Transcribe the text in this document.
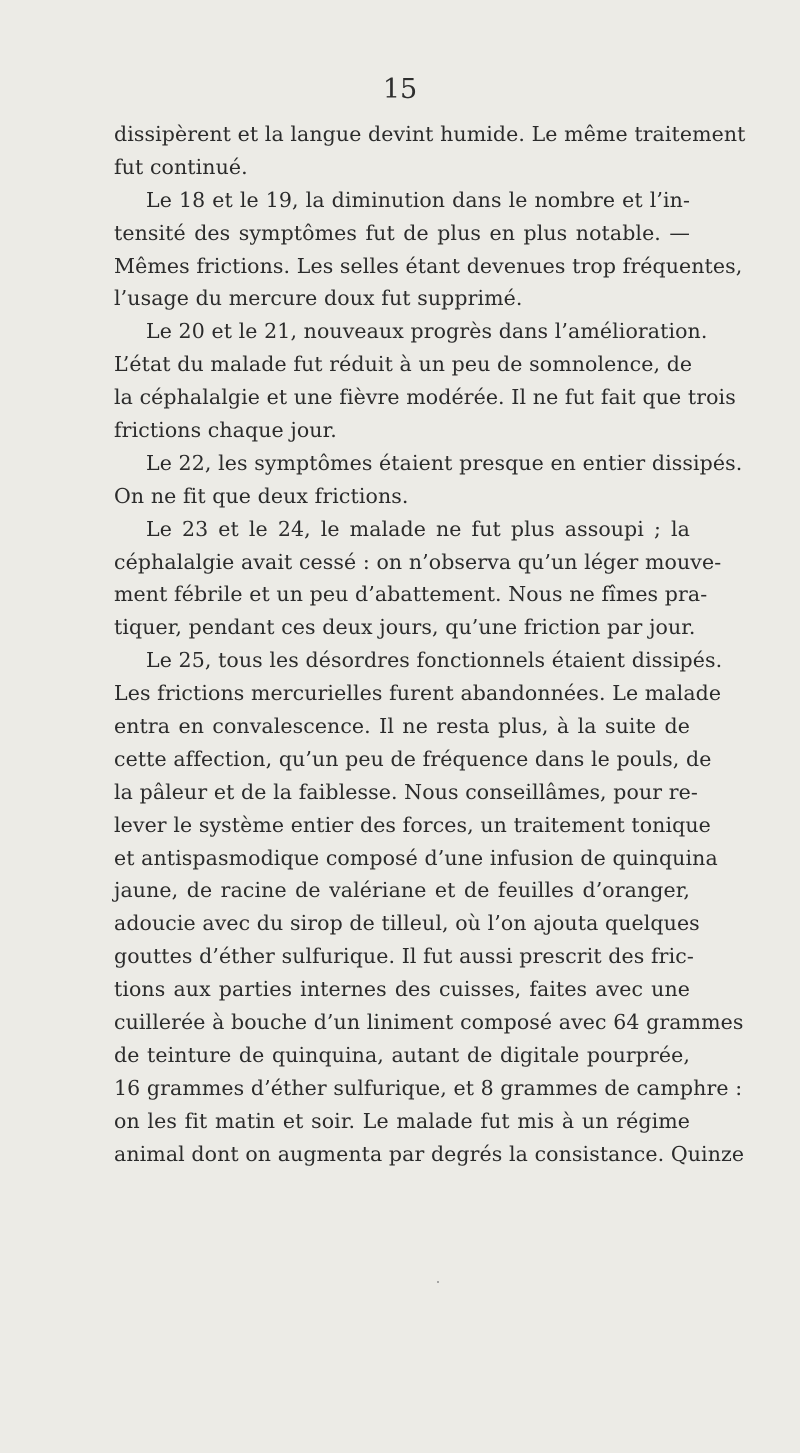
15
dissipèrent et la langue devint humide. Le même traitement
fut continué.
Le 18 et le 19, la diminution dans le nombre et l’in-
tensité des symptômes fut de plus en plus notable. —
Mêmes frictions. Les selles étant devenues trop fréquentes,
l’usage du mercure doux fut supprimé.
Le 20 et le 21, nouveaux progrès dans l’amélioration.
L’état du malade fut réduit à un peu de somnolence, de
la céphalalgie et une fièvre modérée. Il ne fut fait que trois
frictions chaque jour.
Le 22, les symptômes étaient presque en entier dissipés.
On ne fit que deux frictions.
Le 23 et le 24, le malade ne fut plus assoupi ; la
céphalalgie avait cessé : on n’observa qu’un léger mouve-
ment fébrile et un peu d’abattement. Nous ne fîmes pra-
tiquer, pendant ces deux jours, qu’une friction par jour.
Le 25, tous les désordres fonctionnels étaient dissipés.
Les frictions mercurielles furent abandonnées. Le malade
entra en convalescence. Il ne resta plus, à la suite de
cette affection, qu’un peu de fréquence dans le pouls, de
la pâleur et de la faiblesse. Nous conseillâmes, pour re-
lever le système entier des forces, un traitement tonique
et antispasmodique composé d’une infusion de quinquina
jaune, de racine de valériane et de feuilles d’oranger,
adoucie avec du sirop de tilleul, où l’on ajouta quelques
gouttes d’éther sulfurique. Il fut aussi prescrit des fric-
tions aux parties internes des cuisses, faites avec une
cuillerée à bouche d’un liniment composé avec 64 grammes
de teinture de quinquina, autant de digitale pourprée,
16 grammes d’éther sulfurique, et 8 grammes de camphre :
on les fit matin et soir. Le malade fut mis à un régime
animal dont on augmenta par degrés la consistance. Quinze
